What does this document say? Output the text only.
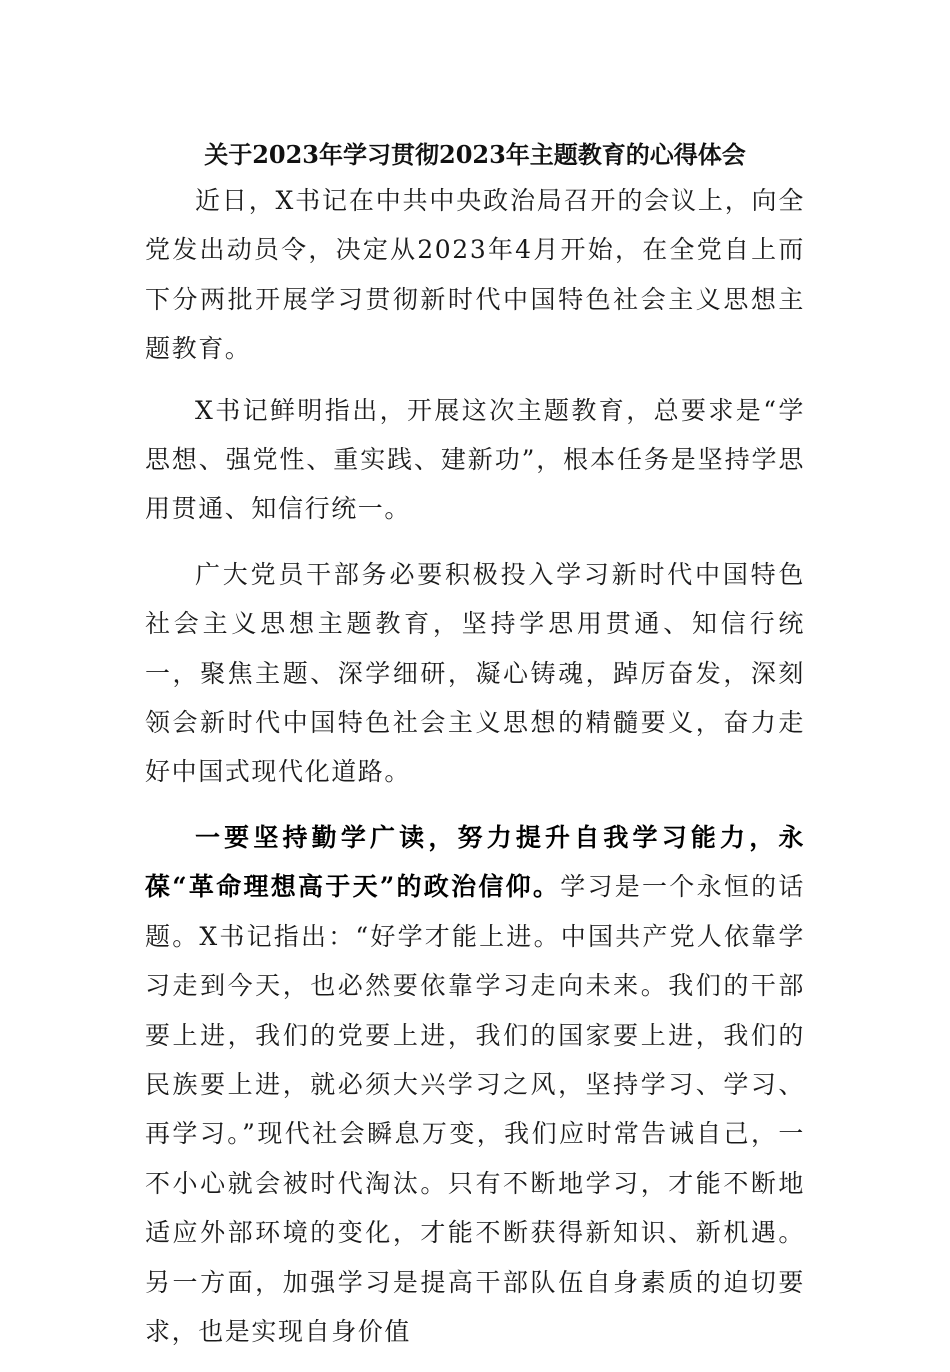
关于2023年学习贯彻2023年主题教育的心得体会

近日，X书记在中共中央政治局召开的会议上，向全党发出动员令，决定从2023年4月开始，在全党自上而下分两批开展学习贯彻新时代中国特色社会主义思想主题教育。

X书记鲜明指出，开展这次主题教育，总要求是“学思想、强党性、重实践、建新功”，根本任务是坚持学思用贯通、知信行统一。

广大党员干部务必要积极投入学习新时代中国特色社会主义思想主题教育，坚持学思用贯通、知信行统一，聚焦主题、深学细研，凝心铸魂，踔厉奋发，深刻领会新时代中国特色社会主义思想的精髓要义，奋力走好中国式现代化道路。

一要坚持勤学广读，努力提升自我学习能力，永葆“革命理想高于天”的政治信仰。学习是一个永恒的话题。X书记指出：“好学才能上进。中国共产党人依靠学习走到今天，也必然要依靠学习走向未来。我们的干部要上进，我们的党要上进，我们的国家要上进，我们的民族要上进，就必须大兴学习之风，坚持学习、学习、再学习。”现代社会瞬息万变，我们应时常告诫自己，一不小心就会被时代淘汰。只有不断地学习，才能不断地适应外部环境的变化，才能不断获得新知识、新机遇。另一方面，加强学习是提高干部队伍自身素质的迫切要求，也是实现自身价值
